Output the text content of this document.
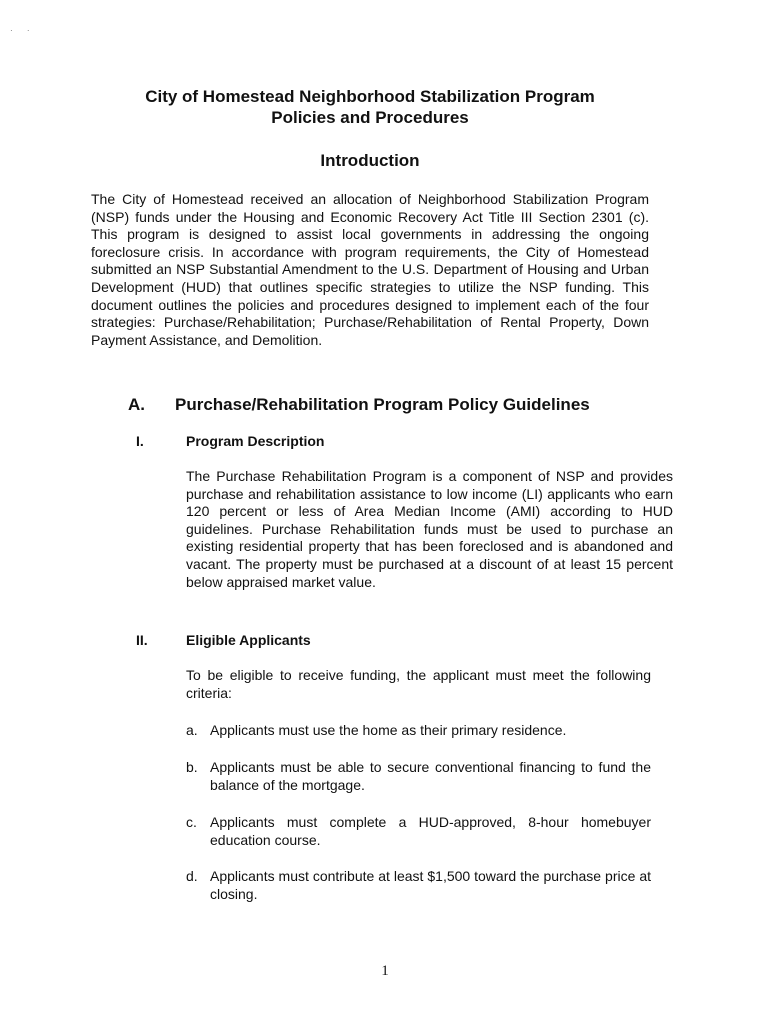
· ·
City of Homestead Neighborhood Stabilization Program
Policies and Procedures
Introduction
The City of Homestead received an allocation of Neighborhood Stabilization Program (NSP) funds under the Housing and Economic Recovery Act Title III Section 2301 (c). This program is designed to assist local governments in addressing the ongoing foreclosure crisis. In accordance with program requirements, the City of Homestead submitted an NSP Substantial Amendment to the U.S. Department of Housing and Urban Development (HUD) that outlines specific strategies to utilize the NSP funding. This document outlines the policies and procedures designed to implement each of the four strategies: Purchase/Rehabilitation; Purchase/Rehabilitation of Rental Property, Down Payment Assistance, and Demolition.
A. Purchase/Rehabilitation Program Policy Guidelines
I.	Program Description
The Purchase Rehabilitation Program is a component of NSP and provides purchase and rehabilitation assistance to low income (LI) applicants who earn 120 percent or less of Area Median Income (AMI) according to HUD guidelines. Purchase Rehabilitation funds must be used to purchase an existing residential property that has been foreclosed and is abandoned and vacant. The property must be purchased at a discount of at least 15 percent below appraised market value.
II.	Eligible Applicants
To be eligible to receive funding, the applicant must meet the following criteria:
a. Applicants must use the home as their primary residence.
b. Applicants must be able to secure conventional financing to fund the balance of the mortgage.
c. Applicants must complete a HUD-approved, 8-hour homebuyer education course.
d. Applicants must contribute at least $1,500 toward the purchase price at closing.
1
